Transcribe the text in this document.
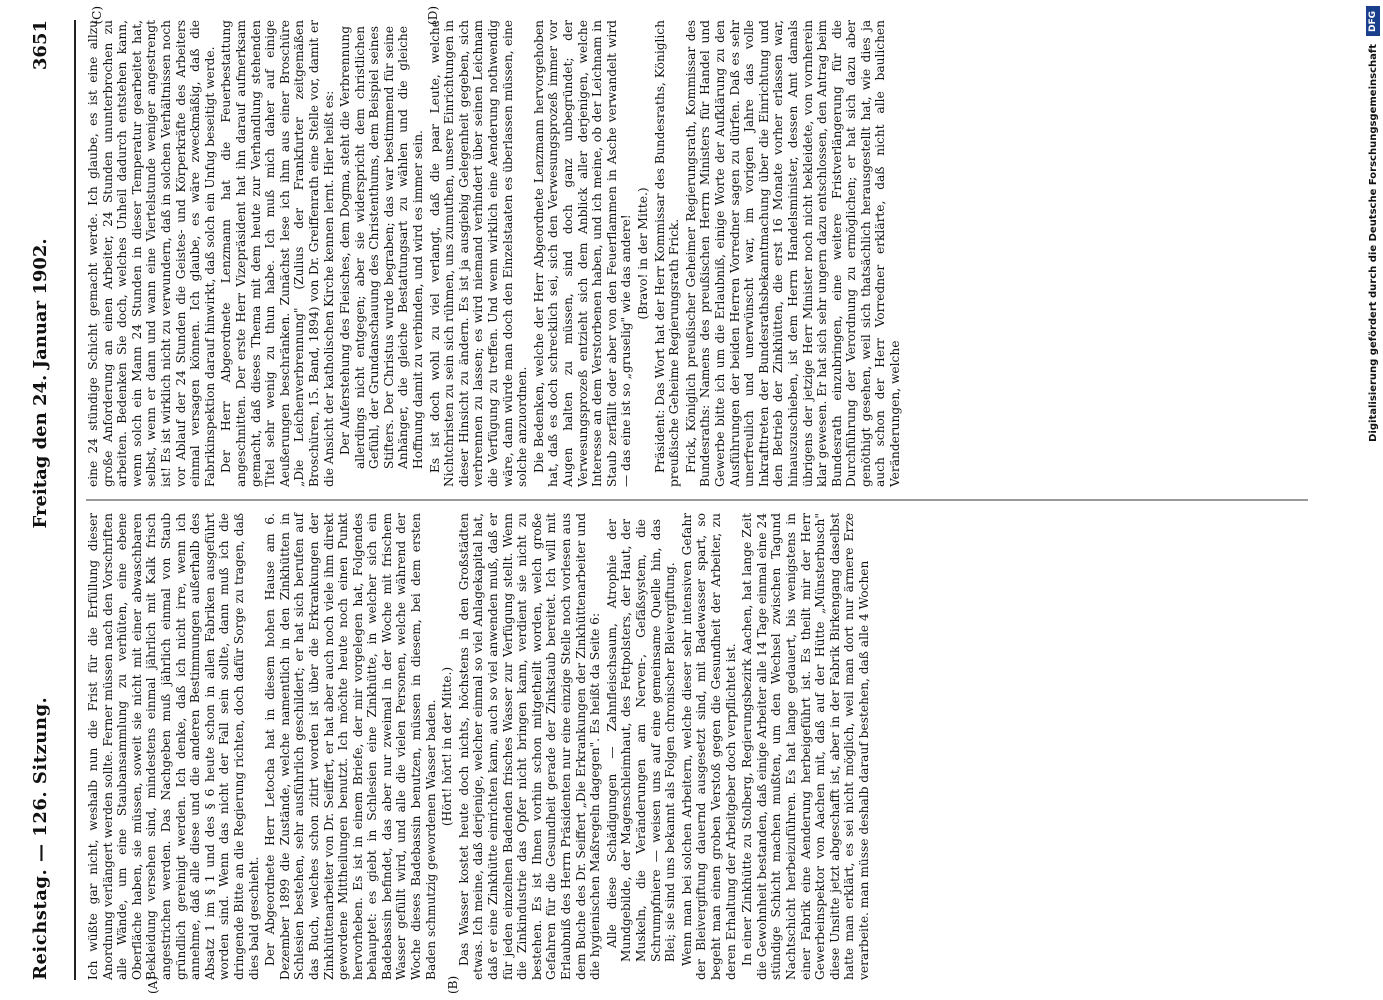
Reichstag. — 126. Sitzung.
Freitag den 24. Januar 1902.
3651
(A)	(B)

Ich wüßte gar nicht, weshalb nun die Frist für die Erfüllung dieser Anordnung verlängert werden sollte. Ferner müssen nach den Vorschriften alle Wände, um eine Staubansammlung zu verhüten, eine ebene Oberfläche haben, sie müssen, soweit sie nicht mit einer abwaschbaren Bekleidung versehen sind, mindestens einmal jährlich mit Kalk frisch angestrichen werden. Das Nachgeben muß jährlich einmal von Staub gründlich gereinigt werden. Ich denke, daß ich nicht irre, wenn ich annehme, daß alle diese und die anderen Bestimmungen außerhalb des Absatz 1 im § 1 und des § 6 heute schon in allen Fabriken ausgeführt worden sind. Wenn das nicht der Fall sein sollte, dann muß ich die dringende Bitte an die Regierung richten, doch dafür Sorge zu tragen, daß dies bald geschieht. Der Abgeordnete Herr Letocha hat in diesem hohen Hause am 6. Dezember 1899 die Zustände, welche namentlich in den Zinkhütten in Schlesien bestehen, sehr ausführlich geschildert; er hat sich berufen auf das Buch, welches schon zitirt worden ist über die Erkrankungen der Zinkhüttenarbeiter von Dr. Seiffert, er hat aber auch noch viele ihm direkt gewordene Mittheilungen benutzt. Ich möchte heute noch einen Punkt hervorheben. Es ist in einem Briefe, der mir vorgelegen hat, Folgendes behauptet: es giebt in Schlesien eine Zinkhütte, in welcher sich ein Badebassin befindet, das aber nur zweimal in der Woche mit frischem Wasser gefüllt wird, und alle die vielen Personen, welche während der Woche dieses Badebassin benutzen, müssen in diesem, bei dem ersten Baden schmutzig gewordenen Wasser baden. (Hört! hört! in der Mitte.) Das Wasser kostet heute doch nichts, höchstens in den Großstädten etwas. Ich meine, daß derjenige, welcher einmal so viel Anlagekapital hat, daß er eine Zinkhütte einrichten kann, auch so viel anwenden muß, daß er für jeden einzelnen Badenden frisches Wasser zur Verfügung stellt. Wenn die Zinkindustrie das Opfer nicht bringen kann, verdient sie nicht zu bestehen. Es ist Ihnen vorhin schon mitgetheilt worden, welch große Gefahren für die Gesundheit gerade der Zinkstaub bereitet. Ich will mit Erlaubniß des Herrn Präsidenten nur eine einzige Stelle noch vorlesen aus dem Buche des Dr. Seiffert „Die Erkrankungen der Zinkhüttenarbeiter und die hygienischen Maßregeln dagegen". Es heißt da Seite 6: Alle diese Schädigungen — Zahnfleischsaum, Atrophie der Mundgebilde, der Magenschleimhaut, des Fettpolsters, der Haut, der Muskeln, die Veränderungen am Nerven-, Gefäßsystem, die Schrumpfniere — weisen uns auf eine gemeinsame Quelle hin, das Blei; sie sind uns bekannt als Folgen chronischer Bleivergiftung. Wenn man bei solchen Arbeitern, welche dieser sehr intensiven Gefahr der Bleivergiftung dauernd ausgesetzt sind, mit Badewasser spart, so begeht man einen groben Verstoß gegen die Gesundheit der Arbeiter, zu deren Erhaltung der Arbeitgeber doch verpflichtet ist. In einer Zinkhütte zu Stolberg, Regierungsbezirk Aachen, hat lange Zeit die Gewohnheit bestanden, daß einige Arbeiter alle 14 Tage einmal eine 24 stündige Schicht machen mußten, um den Wechsel zwischen Tagund Nachtschicht herbeizuführen. Es hat lange gedauert, bis wenigstens in einer Fabrik eine Aenderung herbeigeführt ist. Es theilt mir der Herr Gewerbeinspektor von Aachen mit, daß auf der Hütte „Münsterbusch" diese Unsitte jetzt abgeschafft ist, aber in der Fabrik Birkengang daselbst hatte man erklärt, es sei nicht möglich, weil man dort nur ärmere Erze verarbeite. man müsse deshalb darauf bestehen, daß alle 4 Wochen

(C)	(D)

eine 24 stündige Schicht gemacht werde. Ich glaube, es ist eine allzu große Anforderung an einen Arbeiter, 24 Stunden ununterbrochen zu arbeiten. Bedenken Sie doch, welches Unheil dadurch entstehen kann, wenn solch ein Mann 24 Stunden in dieser Temperatur gearbeitet hat, selbst, wenn er dann und wann eine Viertelstunde weniger angestrengt ist! Es ist wirklich nicht zu verwundern, daß in solchen Verhältnissen noch vor Ablauf der 24 Stunden die Geistes- und Körperkräfte des Arbeiters einmal versagen können. Ich glaube, es wäre zweckmäßig, daß die Fabrikinspektion darauf hinwirkt, daß solch ein Unfug beseitigt werde. Der Herr Abgeordnete Lenzmann hat die Feuerbestattung angeschnitten. Der erste Herr Vizepräsident hat ihn darauf aufmerksam gemacht, daß dieses Thema mit dem heute zur Verhandlung stehenden Titel sehr wenig zu thun habe. Ich muß mich daher auf einige Aeußerungen beschränken. Zunächst lese ich ihm aus einer Broschüre „Die Leichenverbrennung" (Zulius der Frankfurter zeitgemäßen Broschüren, 15. Band, 1894) von Dr. Greiffenrath eine Stelle vor, damit er die Ansicht der katholischen Kirche kennen lernt. Hier heißt es: Der Auferstehung des Fleisches, dem Dogma, steht die Verbrennung allerdings nicht entgegen; aber sie widerspricht dem christlichen Gefühl, der Grundanschauung des Christenthums, dem Beispiel seines Stifters. Der Christus wurde begraben; das war bestimmend für seine Anhänger, die gleiche Bestattungsart zu wählen und die gleiche Hoffnung damit zu verbinden, und wird es immer sein. Es ist doch wohl zu viel verlangt, daß die paar Leute, welche Nichtchristen zu sein sich rühmen, uns zumuthen, unsere Einrichtungen in dieser Hinsicht zu ändern. Es ist ja ausgiebig Gelegenheit gegeben, sich verbrennen zu lassen; es wird niemand verhindert über seinen Leichnam die Verfügung zu treffen. Und wenn wirklich eine Aenderung nothwendig wäre, dann würde man doch den Einzelstaaten es überlassen müssen, eine solche anzuordnen. Die Bedenken, welche der Herr Abgeordnete Lenzmann hervorgehoben hat, daß es doch schrecklich sei, sich den Verwesungsprozeß immer vor Augen halten zu müssen, sind doch ganz unbegründet; der Verwesungsprozeß entzieht sich dem Anblick aller derjenigen, welche Interesse an dem Verstorbenen haben, und ich meine, ob der Leichnam in Staub zerfällt oder aber von den Feuerflammen in Asche verwandelt wird — das eine ist so „gruselig" wie das andere! (Bravo! in der Mitte.) Präsident: Das Wort hat der Herr Kommissar des Bundesraths, Königlich preußische Geheime Regierungsrath Frick. Frick, Königlich preußischer Geheimer Regierungsrath, Kommissar des Bundesraths: Namens des preußischen Herrn Ministers für Handel und Gewerbe bitte ich um die Erlaubniß, einige Worte der Aufklärung zu den Ausführungen der beiden Herren Vorredner sagen zu dürfen. Daß es sehr unerfreulich und unerwünscht war, im vorigen Jahre das volle Inkrafttreten der Bundesrathsbekanntmachung über die Einrichtung und den Betrieb der Zinkhütten, die erst 16 Monate vorher erlassen war, hinauszuschieben, ist dem Herrn Handelsminister, dessen Amt damals übrigens der jetzige Herr Minister noch nicht bekleidete, von vornherein klar gewesen. Er hat sich sehr ungern dazu entschlossen, den Antrag beim Bundesrath einzubringen, eine weitere Fristverlängerung für die Durchführung der Verordnung zu ermöglichen; er hat sich dazu aber genöthigt gesehen, weil sich thatsächlich herausgestellt hat, wie dies ja auch schon der Herr Vorredner erklärte, daß nicht alle baulichen Veränderungen, welche

DFG
Digitalisierung gefördert durch die Deutsche Forschungsgemeinschaft
